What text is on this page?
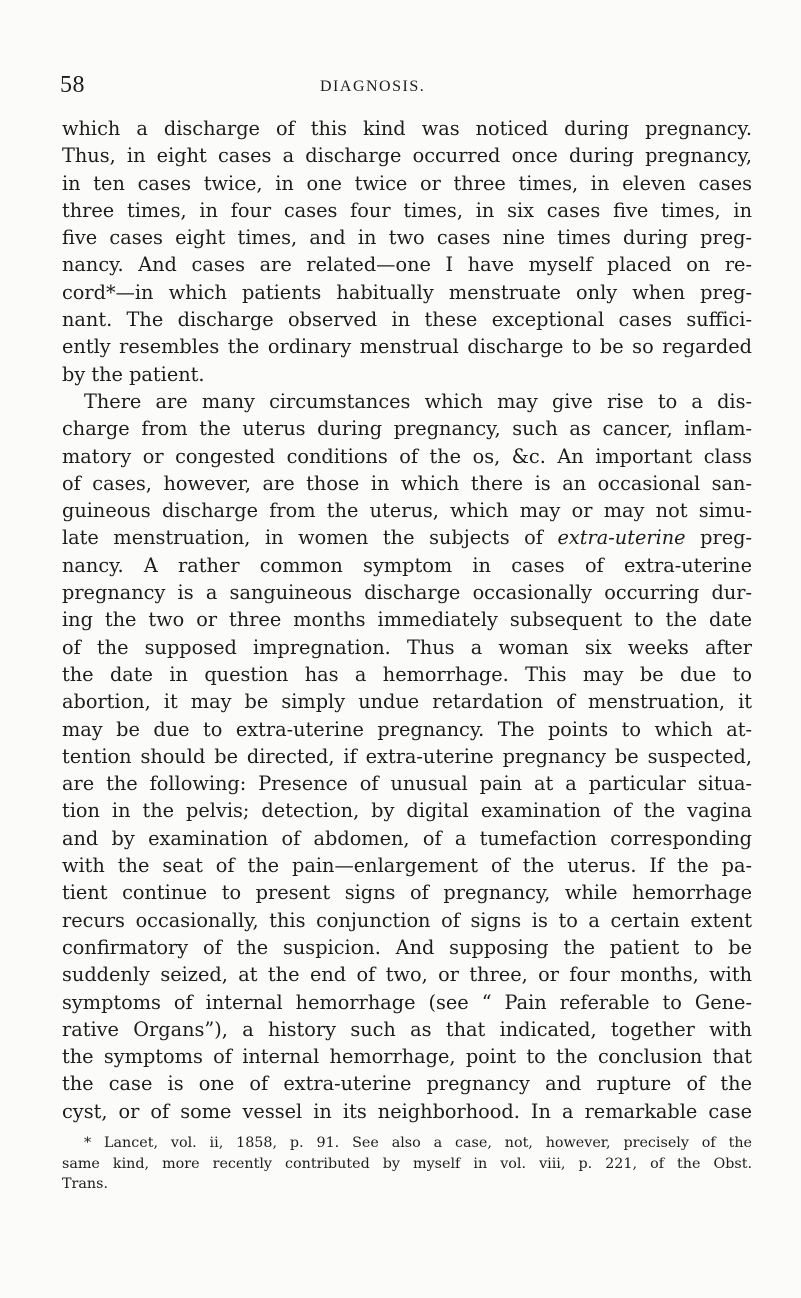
58	DIAGNOSIS.
which a discharge of this kind was noticed during pregnancy.
Thus, in eight cases a discharge occurred once during pregnancy,
in ten cases twice, in one twice or three times, in eleven cases
three times, in four cases four times, in six cases five times, in
five cases eight times, and in two cases nine times during preg-
nancy. And cases are related—one I have myself placed on re-
cord*—in which patients habitually menstruate only when preg-
nant. The discharge observed in these exceptional cases suffici-
ently resembles the ordinary menstrual discharge to be so regarded
by the patient.
There are many circumstances which may give rise to a dis-
charge from the uterus during pregnancy, such as cancer, inflam-
matory or congested conditions of the os, &c. An important class
of cases, however, are those in which there is an occasional san-
guineous discharge from the uterus, which may or may not simu-
late menstruation, in women the subjects of extra-uterine preg-
nancy. A rather common symptom in cases of extra-uterine
pregnancy is a sanguineous discharge occasionally occurring dur-
ing the two or three months immediately subsequent to the date
of the supposed impregnation. Thus a woman six weeks after
the date in question has a hemorrhage. This may be due to
abortion, it may be simply undue retardation of menstruation, it
may be due to extra-uterine pregnancy. The points to which at-
tention should be directed, if extra-uterine pregnancy be suspected,
are the following: Presence of unusual pain at a particular situa-
tion in the pelvis; detection, by digital examination of the vagina
and by examination of abdomen, of a tumefaction corresponding
with the seat of the pain—enlargement of the uterus. If the pa-
tient continue to present signs of pregnancy, while hemorrhage
recurs occasionally, this conjunction of signs is to a certain extent
confirmatory of the suspicion. And supposing the patient to be
suddenly seized, at the end of two, or three, or four months, with
symptoms of internal hemorrhage (see “ Pain referable to Gene-
rative Organs”), a history such as that indicated, together with
the symptoms of internal hemorrhage, point to the conclusion that
the case is one of extra-uterine pregnancy and rupture of the
cyst, or of some vessel in its neighborhood. In a remarkable case
* Lancet, vol. ii, 1858, p. 91. See also a case, not, however, precisely of the
same kind, more recently contributed by myself in vol. viii, p. 221, of the Obst.
Trans.
